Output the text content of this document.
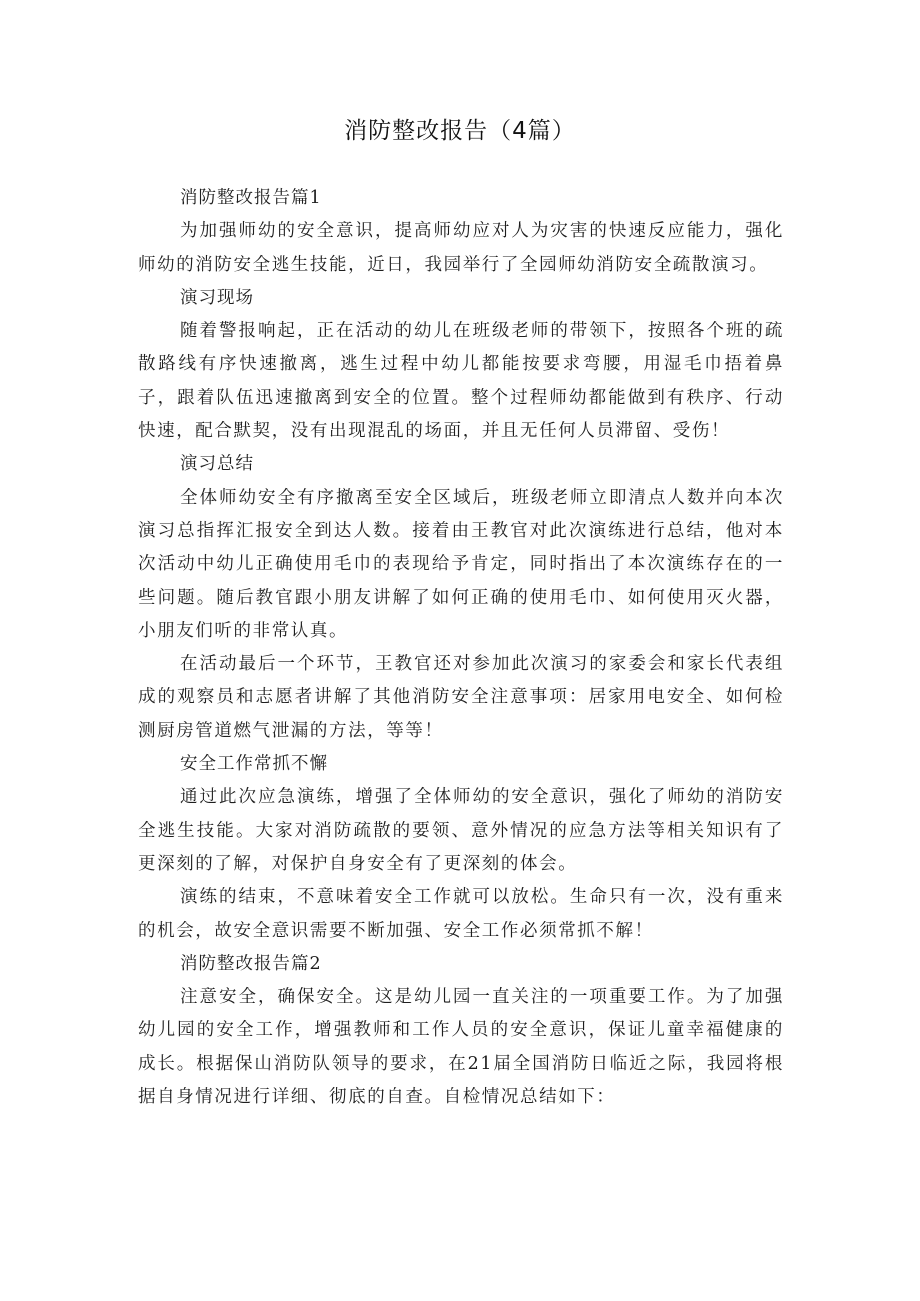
消防整改报告（4篇）

消防整改报告篇1

为加强师幼的安全意识，提高师幼应对人为灾害的快速反应能力，强化师幼的消防安全逃生技能，近日，我园举行了全园师幼消防安全疏散演习。

演习现场

随着警报响起，正在活动的幼儿在班级老师的带领下，按照各个班的疏散路线有序快速撤离，逃生过程中幼儿都能按要求弯腰，用湿毛巾捂着鼻子，跟着队伍迅速撤离到安全的位置。整个过程师幼都能做到有秩序、行动快速，配合默契，没有出现混乱的场面，并且无任何人员滞留、受伤！

演习总结

全体师幼安全有序撤离至安全区域后，班级老师立即清点人数并向本次演习总指挥汇报安全到达人数。接着由王教官对此次演练进行总结，他对本次活动中幼儿正确使用毛巾的表现给予肯定，同时指出了本次演练存在的一些问题。随后教官跟小朋友讲解了如何正确的使用毛巾、如何使用灭火器，小朋友们听的非常认真。

在活动最后一个环节，王教官还对参加此次演习的家委会和家长代表组成的观察员和志愿者讲解了其他消防安全注意事项：居家用电安全、如何检测厨房管道燃气泄漏的方法，等等！

安全工作常抓不懈

通过此次应急演练，增强了全体师幼的安全意识，强化了师幼的消防安全逃生技能。大家对消防疏散的要领、意外情况的应急方法等相关知识有了更深刻的了解，对保护自身安全有了更深刻的体会。

演练的结束，不意味着安全工作就可以放松。生命只有一次，没有重来的机会，故安全意识需要不断加强、安全工作必须常抓不解！

消防整改报告篇2

注意安全，确保安全。这是幼儿园一直关注的一项重要工作。为了加强幼儿园的安全工作，增强教师和工作人员的安全意识，保证儿童幸福健康的成长。根据保山消防队领导的要求，在21届全国消防日临近之际，我园将根据自身情况进行详细、彻底的自查。自检情况总结如下：
